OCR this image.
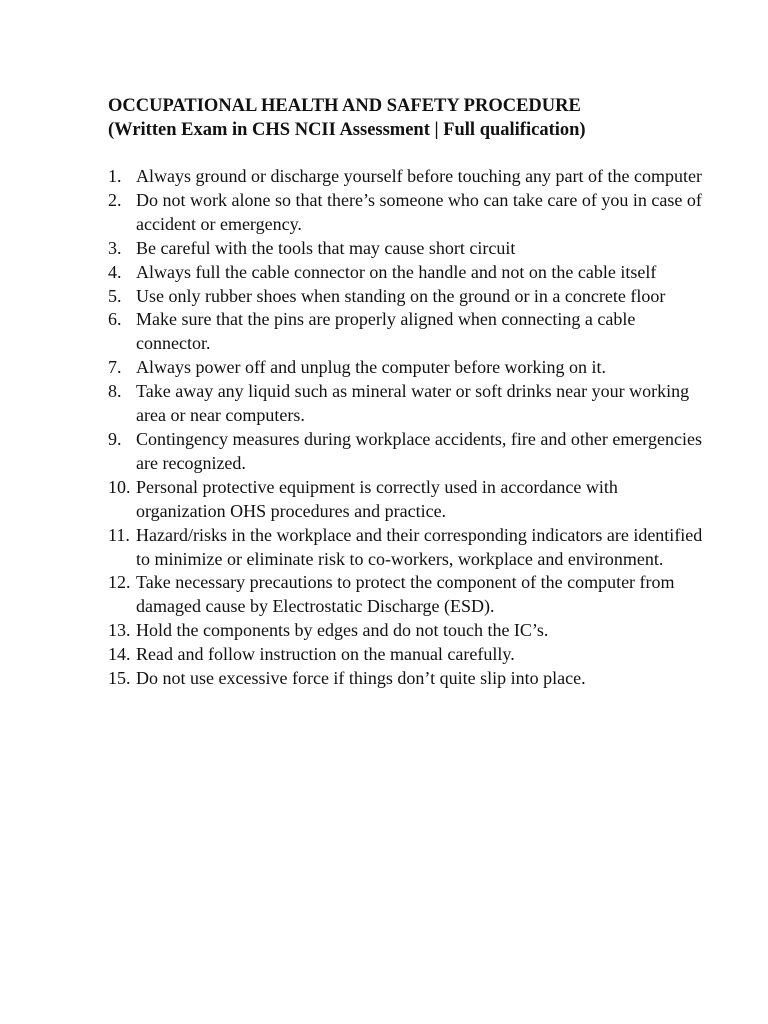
OCCUPATIONAL HEALTH AND SAFETY PROCEDURE
(Written Exam in CHS NCII Assessment | Full qualification)
1. Always ground or discharge yourself before touching any part of the computer
2. Do not work alone so that there’s someone who can take care of you in case of accident or emergency.
3. Be careful with the tools that may cause short circuit
4. Always full the cable connector on the handle and not on the cable itself
5. Use only rubber shoes when standing on the ground or in a concrete floor
6. Make sure that the pins are properly aligned when connecting a cable connector.
7. Always power off and unplug the computer before working on it.
8. Take away any liquid such as mineral water or soft drinks near your working area or near computers.
9. Contingency measures during workplace accidents, fire and other emergencies are recognized.
10. Personal protective equipment is correctly used in accordance with organization OHS procedures and practice.
11. Hazard/risks in the workplace and their corresponding indicators are identified to minimize or eliminate risk to co-workers, workplace and environment.
12. Take necessary precautions to protect the component of the computer from damaged cause by Electrostatic Discharge (ESD).
13. Hold the components by edges and do not touch the IC’s.
14. Read and follow instruction on the manual carefully.
15. Do not use excessive force if things don’t quite slip into place.
